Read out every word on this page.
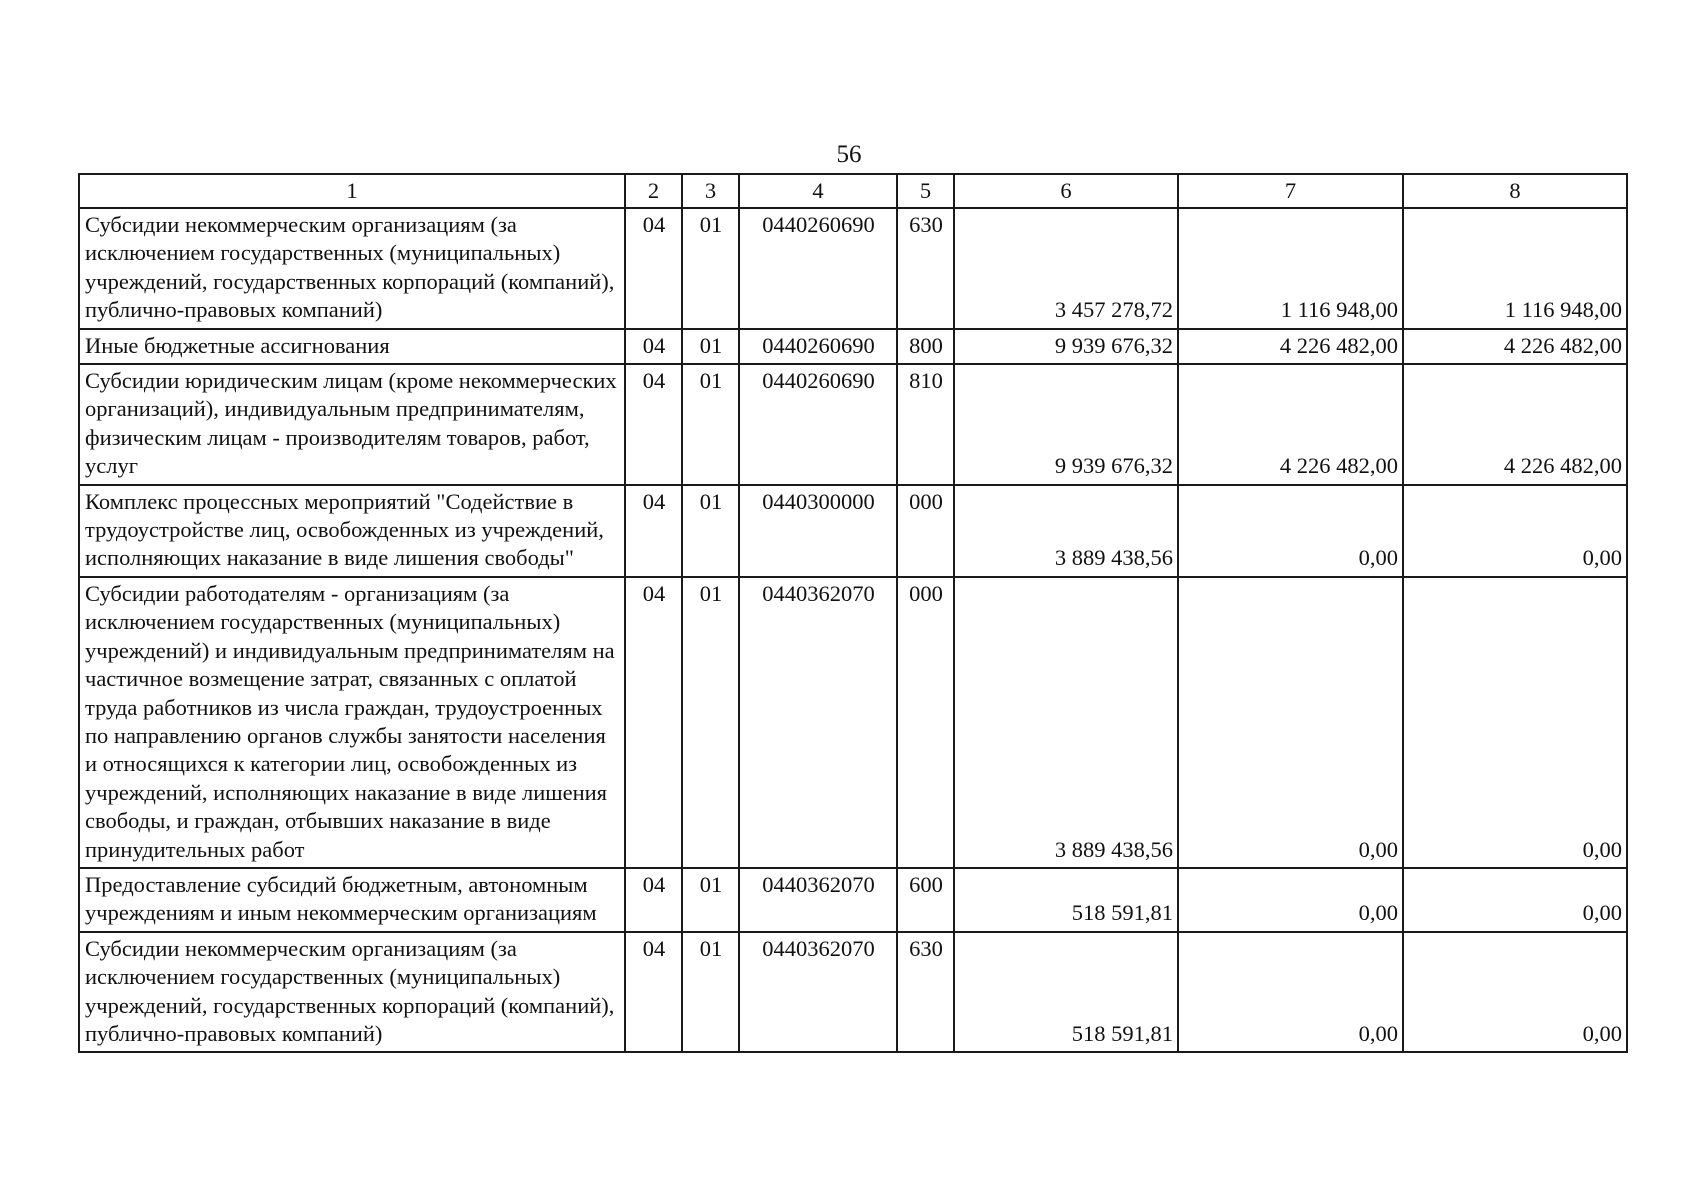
56
1	2	3	4	5	6	7	8
Субсидии некоммерческим организациям (за исключением государственных (муниципальных) учреждений, государственных корпораций (компаний), публично-правовых компаний)	04	01	0440260690	630	3 457 278,72	1 116 948,00	1 116 948,00
Иные бюджетные ассигнования	04	01	0440260690	800	9 939 676,32	4 226 482,00	4 226 482,00
Субсидии юридическим лицам (кроме некоммерческих организаций), индивидуальным предпринимателям, физическим лицам - производителям товаров, работ, услуг	04	01	0440260690	810	9 939 676,32	4 226 482,00	4 226 482,00
Комплекс процессных мероприятий "Содействие в трудоустройстве лиц, освобожденных из учреждений, исполняющих наказание в виде лишения свободы"	04	01	0440300000	000	3 889 438,56	0,00	0,00
Субсидии работодателям - организациям (за исключением государственных (муниципальных) учреждений) и индивидуальным предпринимателям на частичное возмещение затрат, связанных с оплатой труда работников из числа граждан, трудоустроенных по направлению органов службы занятости населения и относящихся к категории лиц, освобожденных из учреждений, исполняющих наказание в виде лишения свободы, и граждан, отбывших наказание в виде принудительных работ	04	01	0440362070	000	3 889 438,56	0,00	0,00
Предоставление субсидий бюджетным, автономным учреждениям и иным некоммерческим организациям	04	01	0440362070	600	518 591,81	0,00	0,00
Субсидии некоммерческим организациям (за исключением государственных (муниципальных) учреждений, государственных корпораций (компаний), публично-правовых компаний)	04	01	0440362070	630	518 591,81	0,00	0,00
